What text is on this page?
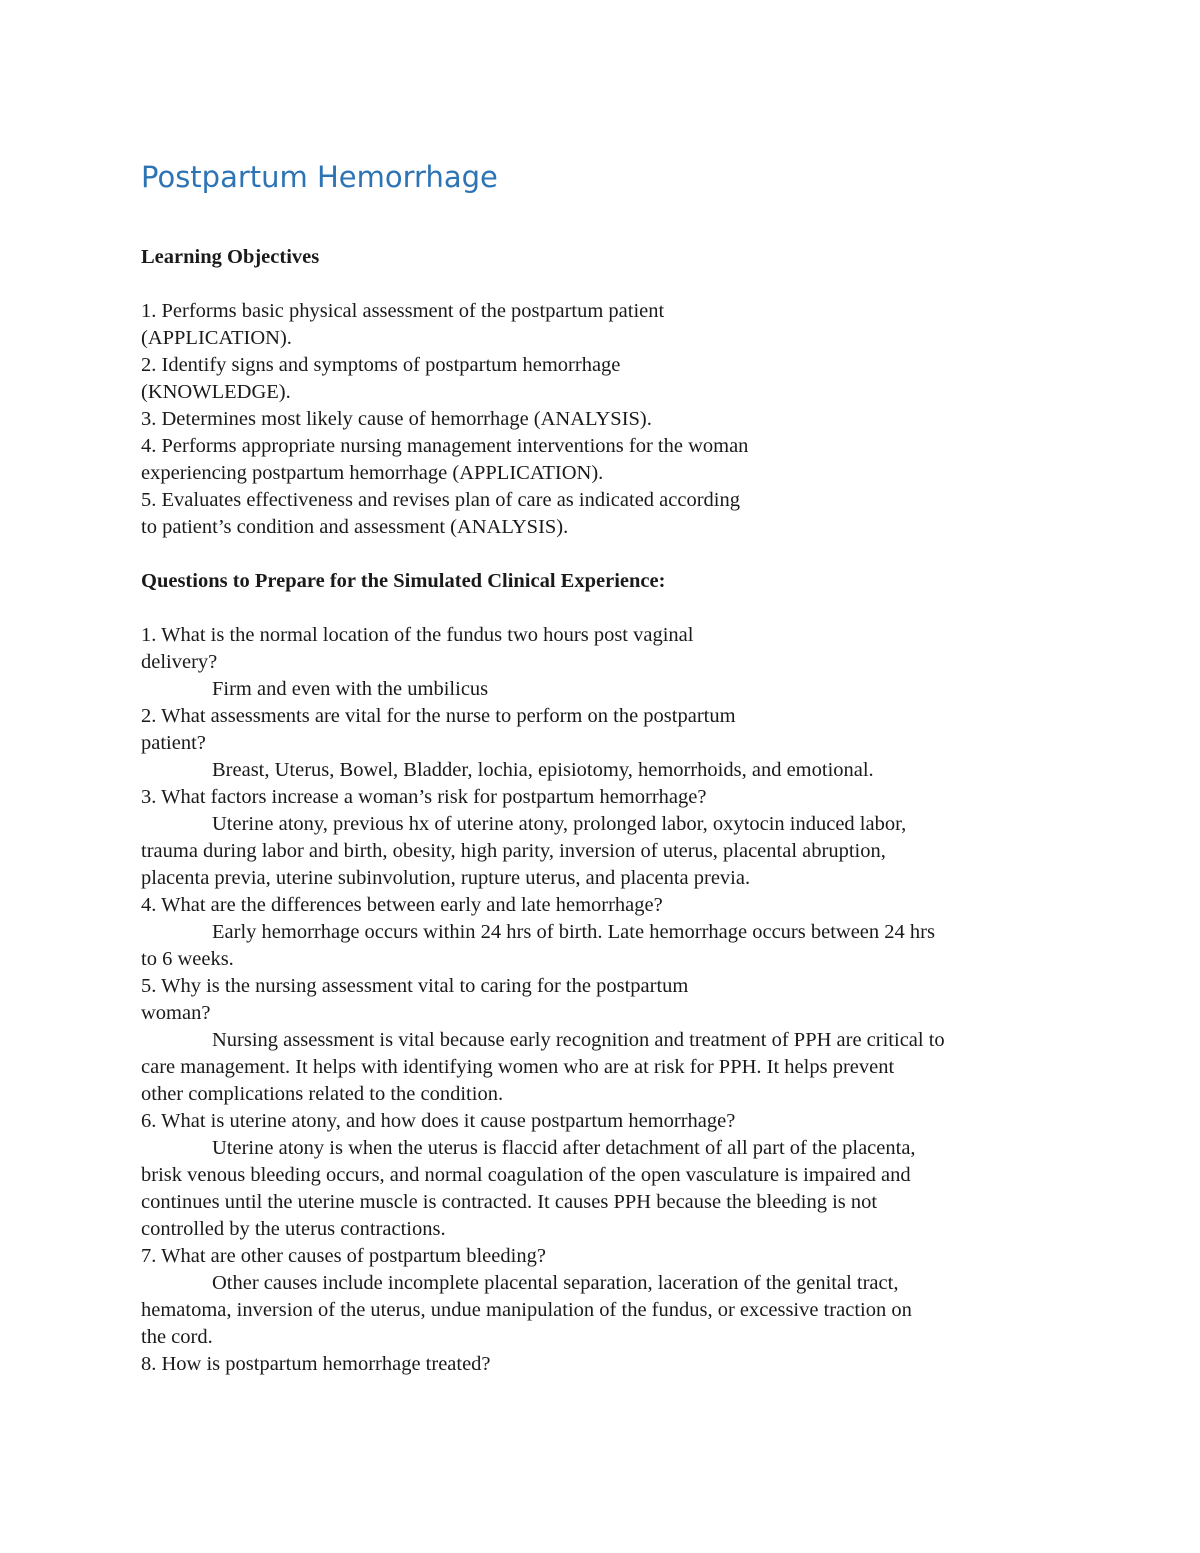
Postpartum Hemorrhage
Learning Objectives
1. Performs basic physical assessment of the postpartum patient
(APPLICATION).
2. Identify signs and symptoms of postpartum hemorrhage
(KNOWLEDGE).
3. Determines most likely cause of hemorrhage (ANALYSIS).
4. Performs appropriate nursing management interventions for the woman
experiencing postpartum hemorrhage (APPLICATION).
5. Evaluates effectiveness and revises plan of care as indicated according
to patient’s condition and assessment (ANALYSIS).
Questions to Prepare for the Simulated Clinical Experience:
1. What is the normal location of the fundus two hours post vaginal
delivery?
Firm and even with the umbilicus
2. What assessments are vital for the nurse to perform on the postpartum
patient?
Breast, Uterus, Bowel, Bladder, lochia, episiotomy, hemorrhoids, and emotional.
3. What factors increase a woman’s risk for postpartum hemorrhage?
Uterine atony, previous hx of uterine atony, prolonged labor, oxytocin induced labor,
trauma during labor and birth, obesity, high parity, inversion of uterus, placental abruption,
placenta previa, uterine subinvolution, rupture uterus, and placenta previa.
4. What are the differences between early and late hemorrhage?
Early hemorrhage occurs within 24 hrs of birth. Late hemorrhage occurs between 24 hrs
to 6 weeks.
5. Why is the nursing assessment vital to caring for the postpartum
woman?
Nursing assessment is vital because early recognition and treatment of PPH are critical to
care management. It helps with identifying women who are at risk for PPH. It helps prevent
other complications related to the condition.
6. What is uterine atony, and how does it cause postpartum hemorrhage?
Uterine atony is when the uterus is flaccid after detachment of all part of the placenta,
brisk venous bleeding occurs, and normal coagulation of the open vasculature is impaired and
continues until the uterine muscle is contracted. It causes PPH because the bleeding is not
controlled by the uterus contractions.
7. What are other causes of postpartum bleeding?
Other causes include incomplete placental separation, laceration of the genital tract,
hematoma, inversion of the uterus, undue manipulation of the fundus, or excessive traction on
the cord.
8. How is postpartum hemorrhage treated?
